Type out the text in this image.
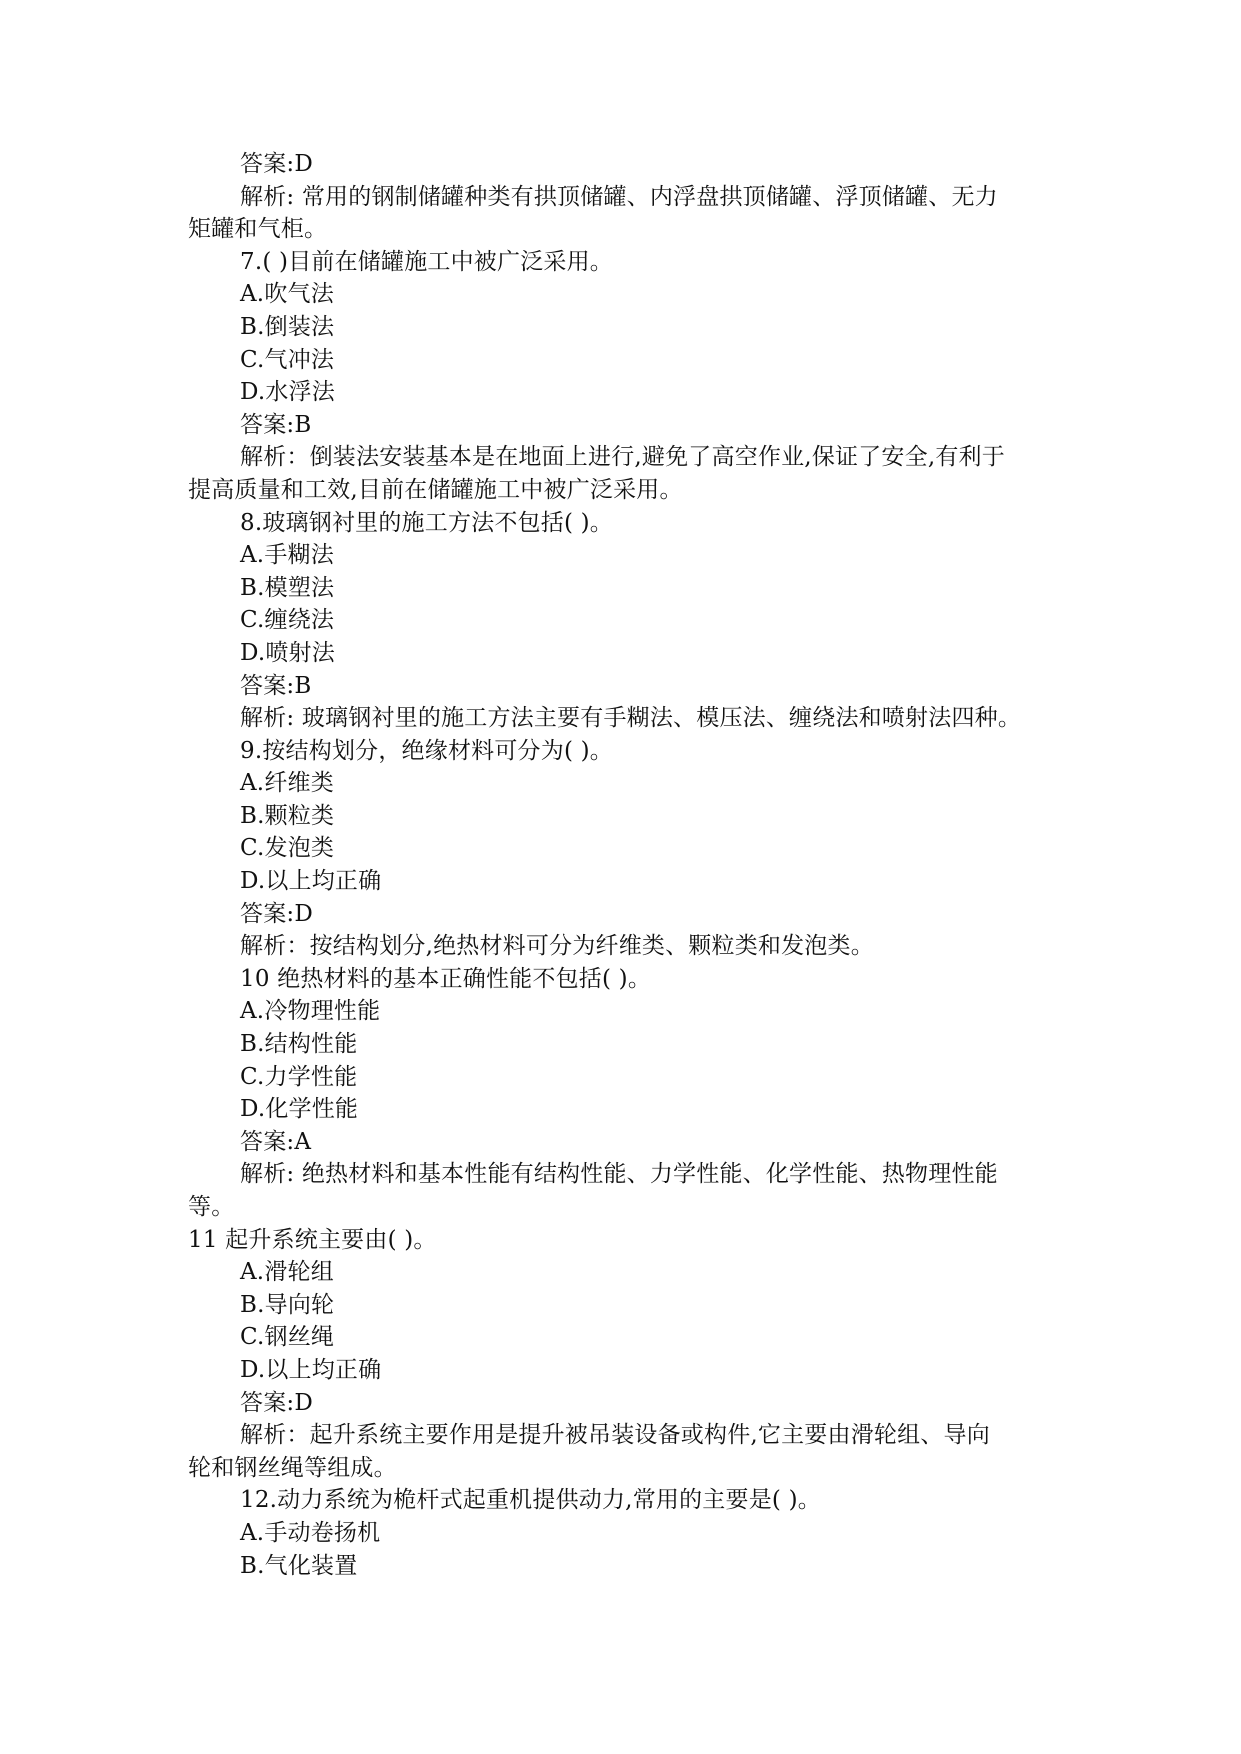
答案:D
解析: 常用的钢制储罐种类有拱顶储罐、内浮盘拱顶储罐、浮顶储罐、无力
矩罐和气柜。
7.( )目前在储罐施工中被广泛采用。
A.吹气法
B.倒装法
C.气冲法
D.水浮法
答案:B
解析：倒装法安装基本是在地面上进行,避免了高空作业,保证了安全,有利于
提高质量和工效,目前在储罐施工中被广泛采用。
8.玻璃钢衬里的施工方法不包括( )。
A.手糊法
B.模塑法
C.缠绕法
D.喷射法
答案:B
解析: 玻璃钢衬里的施工方法主要有手糊法、模压法、缠绕法和喷射法四种。
9.按结构划分，绝缘材料可分为( )。
A.纤维类
B.颗粒类
C.发泡类
D.以上均正确
答案:D
解析：按结构划分,绝热材料可分为纤维类、颗粒类和发泡类。
10 绝热材料的基本正确性能不包括( )。
A.冷物理性能
B.结构性能
C.力学性能
D.化学性能
答案:A
解析: 绝热材料和基本性能有结构性能、力学性能、化学性能、热物理性能
等。
11 起升系统主要由( )。
A.滑轮组
B.导向轮
C.钢丝绳
D.以上均正确
答案:D
解析：起升系统主要作用是提升被吊装设备或构件,它主要由滑轮组、导向
轮和钢丝绳等组成。
12.动力系统为桅杆式起重机提供动力,常用的主要是( )。
A.手动卷扬机
B.气化装置
